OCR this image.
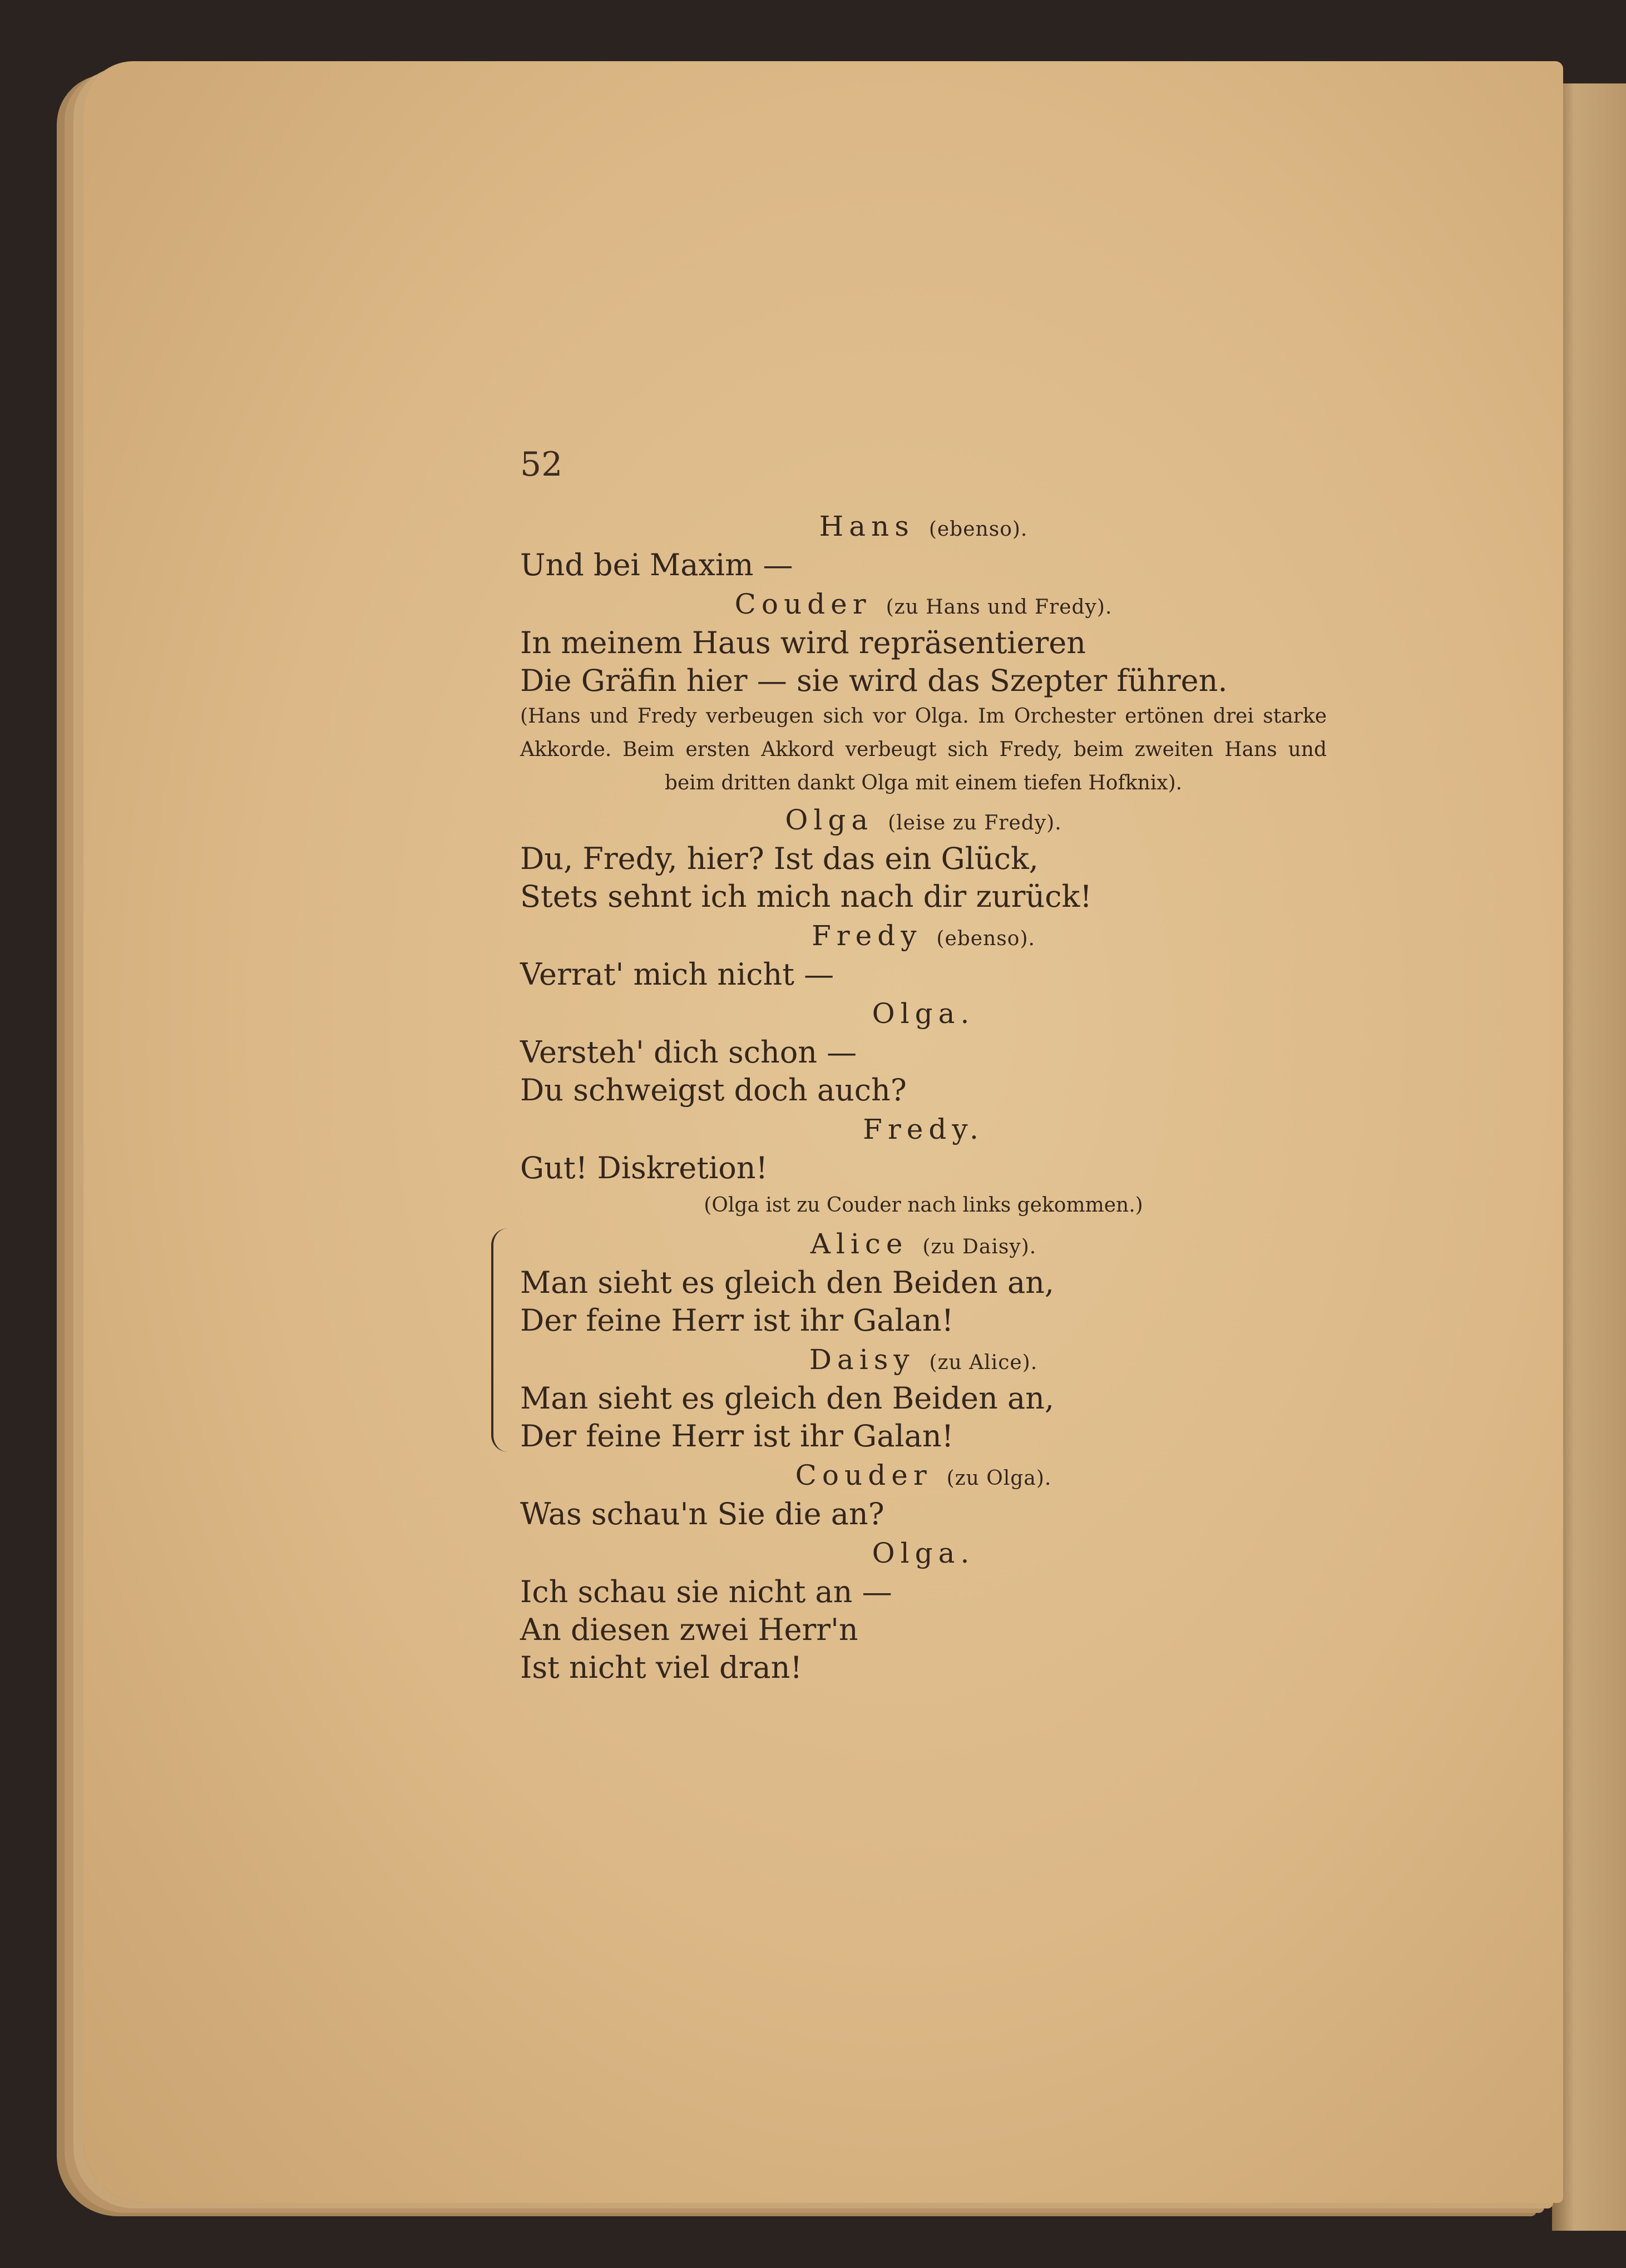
52
Hans (ebenso).
Und bei Maxim —
Couder (zu Hans und Fredy).
In meinem Haus wird repräsentieren
Die Gräfin hier — sie wird das Szepter führen.
(Hans und Fredy verbeugen sich vor Olga. Im Orchester ertönen drei starke Akkorde. Beim ersten Akkord verbeugt sich Fredy, beim zweiten Hans und beim dritten dankt Olga mit einem tiefen Hofknix).
Olga (leise zu Fredy).
Du, Fredy, hier? Ist das ein Glück,
Stets sehnt ich mich nach dir zurück!
Fredy (ebenso).
Verrat' mich nicht —
Olga.
Versteh' dich schon —
Du schweigst doch auch?
Fredy.
Gut! Diskretion!
(Olga ist zu Couder nach links gekommen.)
Alice (zu Daisy).
Man sieht es gleich den Beiden an,
Der feine Herr ist ihr Galan!
Daisy (zu Alice).
Man sieht es gleich den Beiden an,
Der feine Herr ist ihr Galan!
Couder (zu Olga).
Was schau'n Sie die an?
Olga.
Ich schau sie nicht an —
An diesen zwei Herr'n
Ist nicht viel dran!
